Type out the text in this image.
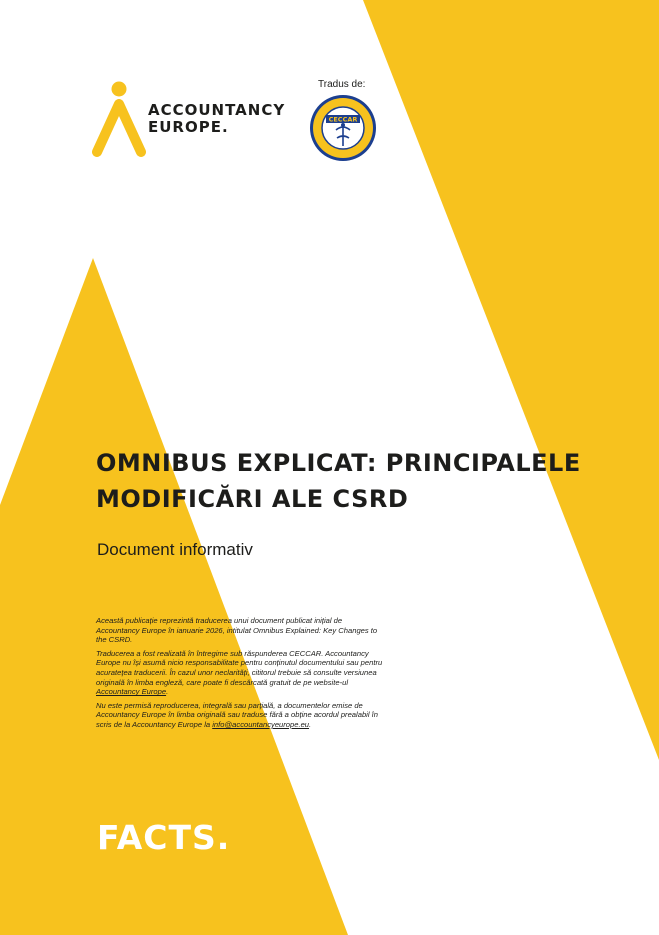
ACCOUNTANCY
EUROPE.
Tradus de:
CECCAR
OMNIBUS EXPLICAT: PRINCIPALELE
MODIFICĂRI ALE CSRD
Document informativ

Această publicație reprezintă traducerea unui document publicat inițial de Accountancy Europe în ianuarie 2026, intitulat Omnibus Explained: Key Changes to the CSRD.

Traducerea a fost realizată în întregime sub răspunderea CECCAR. Accountancy Europe nu își asumă nicio responsabilitate pentru conținutul documentului sau pentru acuratețea traducerii. În cazul unor neclarități, cititorul trebuie să consulte versiunea originală în limba engleză, care poate fi descărcată gratuit de pe website-ul Accountancy Europe.

Nu este permisă reproducerea, integrală sau parțială, a documentelor emise de Accountancy Europe în limba originală sau traduse fără a obține acordul prealabil în scris de la Accountancy Europe la info@accountancyeurope.eu.

FACTS.
